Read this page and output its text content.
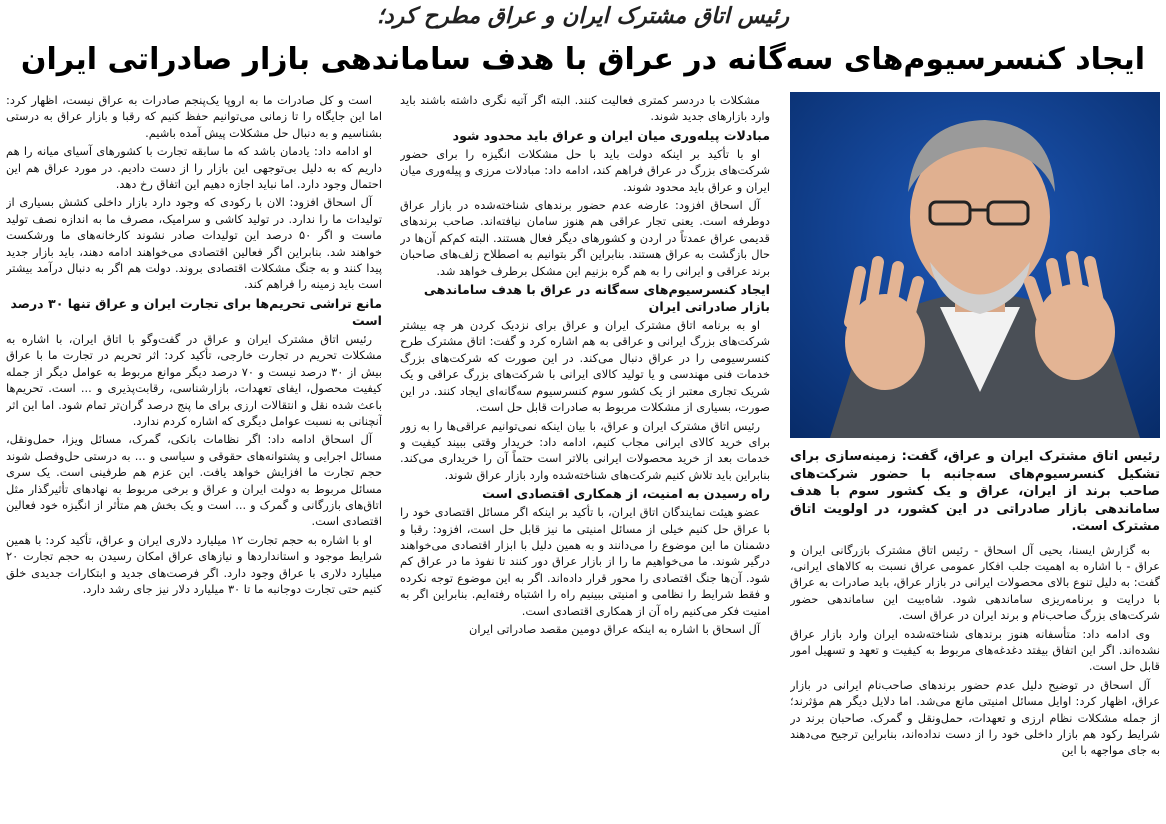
رئیس اتاق مشترک ایران و عراق مطرح کرد؛
ایجاد کنسرسیوم‌های سه‌گانه در عراق با هدف ساماندهی بازار صادراتی ایران

رئیس اتاق مشترک ایران و عراق، گفت: زمینه‌سازی برای تشکیل کنسرسیوم‌های سه‌جانبه با حضور شرکت‌های صاحب برند از ایران، عراق و یک کشور سوم با هدف ساماندهی بازار صادراتی در این کشور، در اولویت اتاق مشترک است.

به گزارش ایسنا، یحیی آل اسحاق - رئیس اتاق مشترک بازرگانی ایران و عراق - با اشاره به اهمیت جلب افکار عمومی عراق نسبت به کالاهای ایرانی، گفت: به دلیل تنوع بالای محصولات ایرانی در بازار عراق، باید صادرات به عراق با درایت و برنامه‌ریزی ساماندهی شود. شاه‌بیت این ساماندهی حضور شرکت‌های بزرگ صاحب‌نام و برند ایران در عراق است.

وی ادامه داد: متأسفانه هنوز برندهای شناخته‌شده ایران وارد بازار عراق نشده‌اند. اگر این اتفاق بیفتد دغدغه‌های مربوط به کیفیت و تعهد و تسهیل امور قابل حل است.

آل اسحاق در توضیح دلیل عدم حضور برندهای صاحب‌نام ایرانی در بازار عراق، اظهار کرد: اوایل مسائل امنیتی مانع می‌شد. اما دلایل دیگر هم مؤثرند؛ از جمله مشکلات نظام ارزی و تعهدات، حمل‌ونقل و گمرک. صاحبان برند در شرایط رکود هم بازار داخلی خود را از دست نداده‌اند، بنابراین ترجیح می‌دهند به جای مواجهه با این

مشکلات با دردسر کمتری فعالیت کنند. البته اگر آتیه نگری داشته باشند باید وارد بازارهای جدید شوند.

مبادلات پیله‌وری میان ایران و عراق باید محدود شود

او با تأکید بر اینکه دولت باید با حل مشکلات انگیزه را برای حضور شرکت‌های بزرگ در عراق فراهم کند، ادامه داد: مبادلات مرزی و پیله‌وری میان ایران و عراق باید محدود شوند.

آل اسحاق افزود: عارضه عدم حضور برندهای شناخته‌شده در بازار عراق دوطرفه است. یعنی تجار عراقی هم هنوز سامان نیافته‌اند. صاحب برندهای قدیمی عراق عمدتاً در اردن و کشورهای دیگر فعال هستند. البته کم‌کم آن‌ها در حال بازگشت به عراق هستند. بنابراین اگر بتوانیم به اصطلاح زلف‌های صاحبان برند عراقی و ایرانی را به هم گره بزنیم این مشکل برطرف خواهد شد.

ایجاد کنسرسیوم‌های سه‌گانه در عراق با هدف ساماندهی بازار صادراتی ایران

او به برنامه اتاق مشترک ایران و عراق برای نزدیک کردن هر چه بیشتر شرکت‌های بزرگ ایرانی و عراقی به هم اشاره کرد و گفت: اتاق مشترک طرح کنسرسیومی را در عراق دنبال می‌کند. در این صورت که شرکت‌های بزرگ خدمات فنی مهندسی و یا تولید کالای ایرانی با شرکت‌های بزرگ عراقی و یک شریک تجاری معتبر از یک کشور سوم کنسرسیوم سه‌گانه‌ای ایجاد کنند. در این صورت، بسیاری از مشکلات مربوط به صادرات قابل حل است.

رئیس اتاق مشترک ایران و عراق، با بیان اینکه نمی‌توانیم عراقی‌ها را به زور برای خرید کالای ایرانی مجاب کنیم، ادامه داد: خریدار وقتی ببیند کیفیت و خدمات بعد از خرید محصولات ایرانی بالاتر است حتماً آن را خریداری می‌کند. بنابراین باید تلاش کنیم شرکت‌های شناخته‌شده وارد بازار عراق شوند.

راه رسیدن به امنیت، از همکاری اقتصادی است

عضو هیئت نمایندگان اتاق ایران، با تأکید بر اینکه اگر مسائل اقتصادی خود را با عراق حل کنیم خیلی از مسائل امنیتی ما نیز قابل حل است، افزود: رقبا و دشمنان ما این موضوع را می‌دانند و به همین دلیل با ابزار اقتصادی می‌خواهند درگیر شوند. ما می‌خواهیم ما را از بازار عراق دور کنند تا نفوذ ما در عراق کم شود. آن‌ها جنگ اقتصادی را محور قرار داده‌اند. اگر به این موضوع توجه نکرده و فقط شرایط را نظامی و امنیتی ببینیم راه را اشتباه رفته‌ایم. بنابراین اگر به امنیت فکر می‌کنیم راه آن از همکاری اقتصادی است.

آل اسحاق با اشاره به اینکه عراق دومین مقصد صادراتی ایران

است و کل صادرات ما به اروپا یک‌پنجم صادرات به عراق نیست، اظهار کرد: اما این جایگاه را تا زمانی می‌توانیم حفظ کنیم که رقبا و بازار عراق به درستی بشناسیم و به دنبال حل مشکلات پیش آمده باشیم.

او ادامه داد: یادمان باشد که ما سابقه تجارت با کشورهای آسیای میانه را هم داریم که به دلیل بی‌توجهی این بازار را از دست دادیم. در مورد عراق هم این احتمال وجود دارد. اما نباید اجازه دهیم این اتفاق رخ دهد.

آل اسحاق افزود: الان با رکودی که وجود دارد بازار داخلی کشش بسیاری از تولیدات ما را ندارد. در تولید کاشی و سرامیک، مصرف ما به اندازه نصف تولید ماست و اگر ۵۰ درصد این تولیدات صادر نشوند کارخانه‌های ما ورشکست خواهند شد. بنابراین اگر فعالین اقتصادی می‌خواهند ادامه دهند، باید بازار جدید پیدا کنند و به جنگ مشکلات اقتصادی بروند. دولت هم اگر به دنبال درآمد بیشتر است باید زمینه را فراهم کند.

مانع تراشی تحریم‌ها برای تجارت ایران و عراق تنها ۳۰ درصد است

رئیس اتاق مشترک ایران و عراق در گفت‌وگو با اتاق ایران، با اشاره به مشکلات تحریم در تجارت خارجی، تأکید کرد: اثر تحریم در تجارت ما با عراق بیش از ۳۰ درصد نیست و ۷۰ درصد دیگر موانع مربوط به عوامل دیگر از جمله کیفیت محصول، ایفای تعهدات، بازارشناسی، رقابت‌پذیری و ... است. تحریم‌ها باعث شده نقل و انتقالات ارزی برای ما پنج درصد گران‌تر تمام شود. اما این اثر آنچنانی به نسبت عوامل دیگری که اشاره کردم ندارد.

آل اسحاق ادامه داد: اگر نظامات بانکی، گمرک، مسائل ویزا، حمل‌ونقل، مسائل اجرایی و پشتوانه‌های حقوقی و سیاسی و ... به درستی حل‌وفصل شوند حجم تجارت ما افزایش خواهد یافت. این عزم هم طرفینی است. یک سری مسائل مربوط به دولت ایران و عراق و برخی مربوط به نهادهای تأثیرگذار مثل اتاق‌های بازرگانی و گمرک و ... است و یک بخش هم متأثر از انگیزه خود فعالین اقتصادی است.

او با اشاره به حجم تجارت ۱۲ میلیارد دلاری ایران و عراق، تأکید کرد: با همین شرایط موجود و استانداردها و نیازهای عراق امکان رسیدن به حجم تجارت ۲۰ میلیارد دلاری با عراق وجود دارد. اگر فرصت‌های جدید و ابتکارات جدیدی خلق کنیم حتی تجارت دوجانبه ما تا ۳۰ میلیارد دلار نیز جای رشد دارد.
